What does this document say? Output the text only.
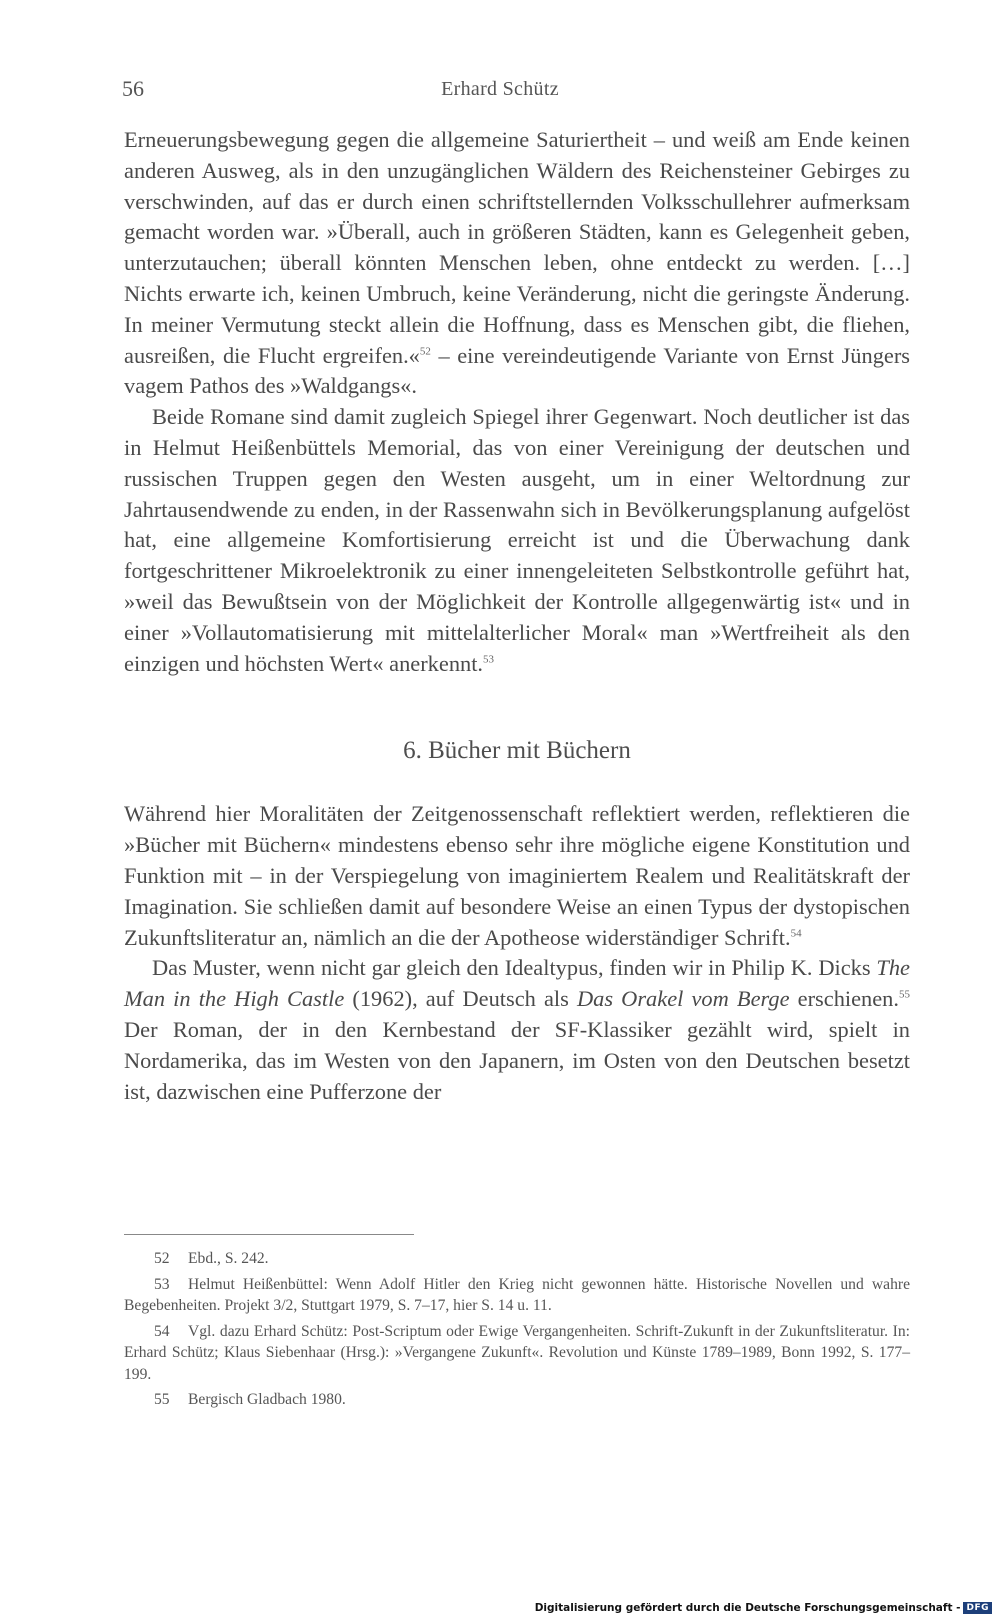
56	Erhard Schütz

Erneuerungsbewegung gegen die allgemeine Saturiertheit – und weiß am Ende keinen anderen Ausweg, als in den unzugänglichen Wäldern des Reichensteiner Gebirges zu verschwinden, auf das er durch einen schriftstellernden Volksschullehrer aufmerksam gemacht worden war. »Überall, auch in größeren Städten, kann es Gelegenheit geben, unterzutauchen; überall könnten Menschen leben, ohne entdeckt zu werden. […] Nichts erwarte ich, keinen Umbruch, keine Veränderung, nicht die geringste Änderung. In meiner Vermutung steckt allein die Hoffnung, dass es Menschen gibt, die fliehen, ausreißen, die Flucht ergreifen.«$^{52}$ – eine vereindeutigende Variante von Ernst Jüngers vagem Pathos des »Waldgangs«.

Beide Romane sind damit zugleich Spiegel ihrer Gegenwart. Noch deutlicher ist das in Helmut Heißenbüttels Memorial, das von einer Vereinigung der deutschen und russischen Truppen gegen den Westen ausgeht, um in einer Weltordnung zur Jahrtausendwende zu enden, in der Rassenwahn sich in Bevölkerungsplanung aufgelöst hat, eine allgemeine Komfortisierung erreicht ist und die Überwachung dank fortgeschrittener Mikroelektronik zu einer innengeleiteten Selbstkontrolle geführt hat, »weil das Bewußtsein von der Möglichkeit der Kontrolle allgegenwärtig ist« und in einer »Vollautomatisierung mit mittelalterlicher Moral« man »Wertfreiheit als den einzigen und höchsten Wert« anerkennt.$^{53}$

6. Bücher mit Büchern

Während hier Moralitäten der Zeitgenossenschaft reflektiert werden, reflektieren die »Bücher mit Büchern« mindestens ebenso sehr ihre mögliche eigene Konstitution und Funktion mit – in der Verspiegelung von imaginiertem Realem und Realitätskraft der Imagination. Sie schließen damit auf besondere Weise an einen Typus der dystopischen Zukunftsliteratur an, nämlich an die der Apotheose widerständiger Schrift.$^{54}$

Das Muster, wenn nicht gar gleich den Idealtypus, finden wir in Philip K. Dicks The Man in the High Castle (1962), auf Deutsch als Das Orakel vom Berge erschienen.$^{55}$ Der Roman, der in den Kernbestand der SF-Klassiker gezählt wird, spielt in Nordamerika, das im Westen von den Japanern, im Osten von den Deutschen besetzt ist, dazwischen eine Pufferzone der

52 Ebd., S. 242.

53 Helmut Heißenbüttel: Wenn Adolf Hitler den Krieg nicht gewonnen hätte. Historische Novellen und wahre Begebenheiten. Projekt 3/2, Stuttgart 1979, S. 7–17, hier S. 14 u. 11.

54 Vgl. dazu Erhard Schütz: Post-Scriptum oder Ewige Vergangenheiten. Schrift-Zukunft in der Zukunftsliteratur. In: Erhard Schütz; Klaus Siebenhaar (Hrsg.): »Vergangene Zukunft«. Revolution und Künste 1789–1989, Bonn 1992, S. 177–199.

55 Bergisch Gladbach 1980.

Digitalisierung gefördert durch die Deutsche Forschungsgemeinschaft - DFG
